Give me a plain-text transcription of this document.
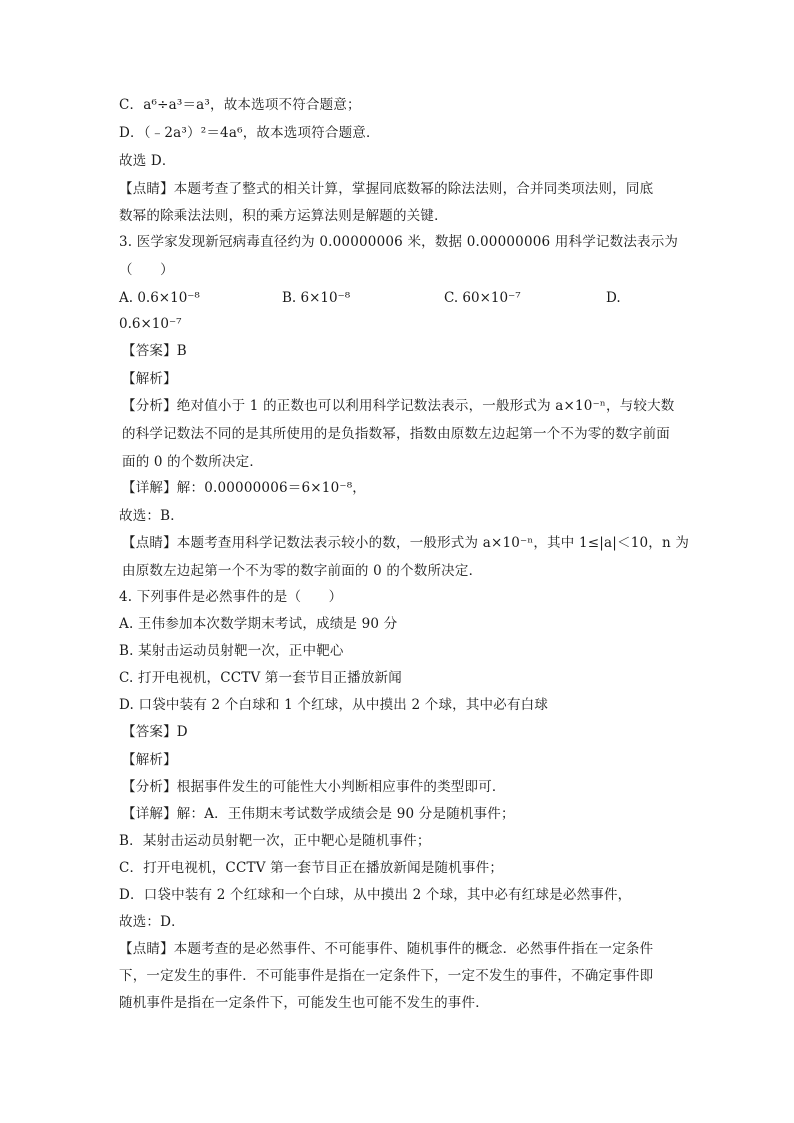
C．a⁶÷a³＝a³，故本选项不符合题意；
D．（﹣2a³）²＝4a⁶，故本选项符合题意．
故选 D．
【点睛】本题考查了整式的相关计算，掌握同底数幂的除法法则，合并同类项法则，同底
数幂的除乘法法则，积的乘方运算法则是解题的关键．
3. 医学家发现新冠病毒直径约为 0.00000006 米，数据 0.00000006 用科学记数法表示为
（　　）
A. 0.6×10⁻⁸	B. 6×10⁻⁸	C. 60×10⁻⁷	D.
0.6×10⁻⁷
【答案】B
【解析】
【分析】绝对值小于 1 的正数也可以利用科学记数法表示，一般形式为 a×10⁻ⁿ，与较大数
的科学记数法不同的是其所使用的是负指数幂，指数由原数左边起第一个不为零的数字前面
面的 0 的个数所决定．
【详解】解：0.00000006＝6×10⁻⁸，
故选：B．
【点睛】本题考查用科学记数法表示较小的数，一般形式为 a×10⁻ⁿ，其中 1≤|a|＜10，n 为
由原数左边起第一个不为零的数字前面的 0 的个数所决定．
4. 下列事件是必然事件的是（　　）
A. 王伟参加本次数学期末考试，成绩是 90 分
B. 某射击运动员射靶一次，正中靶心
C. 打开电视机，CCTV 第一套节目正播放新闻
D. 口袋中装有 2 个白球和 1 个红球，从中摸出 2 个球，其中必有白球
【答案】D
【解析】
【分析】根据事件发生的可能性大小判断相应事件的类型即可．
【详解】解：A．王伟期末考试数学成绩会是 90 分是随机事件；
B．某射击运动员射靶一次，正中靶心是随机事件；
C．打开电视机，CCTV 第一套节目正在播放新闻是随机事件；
D．口袋中装有 2 个红球和一个白球，从中摸出 2 个球，其中必有红球是必然事件，
故选：D．
【点睛】本题考查的是必然事件、不可能事件、随机事件的概念．必然事件指在一定条件
下，一定发生的事件．不可能事件是指在一定条件下，一定不发生的事件，不确定事件即
随机事件是指在一定条件下，可能发生也可能不发生的事件．
